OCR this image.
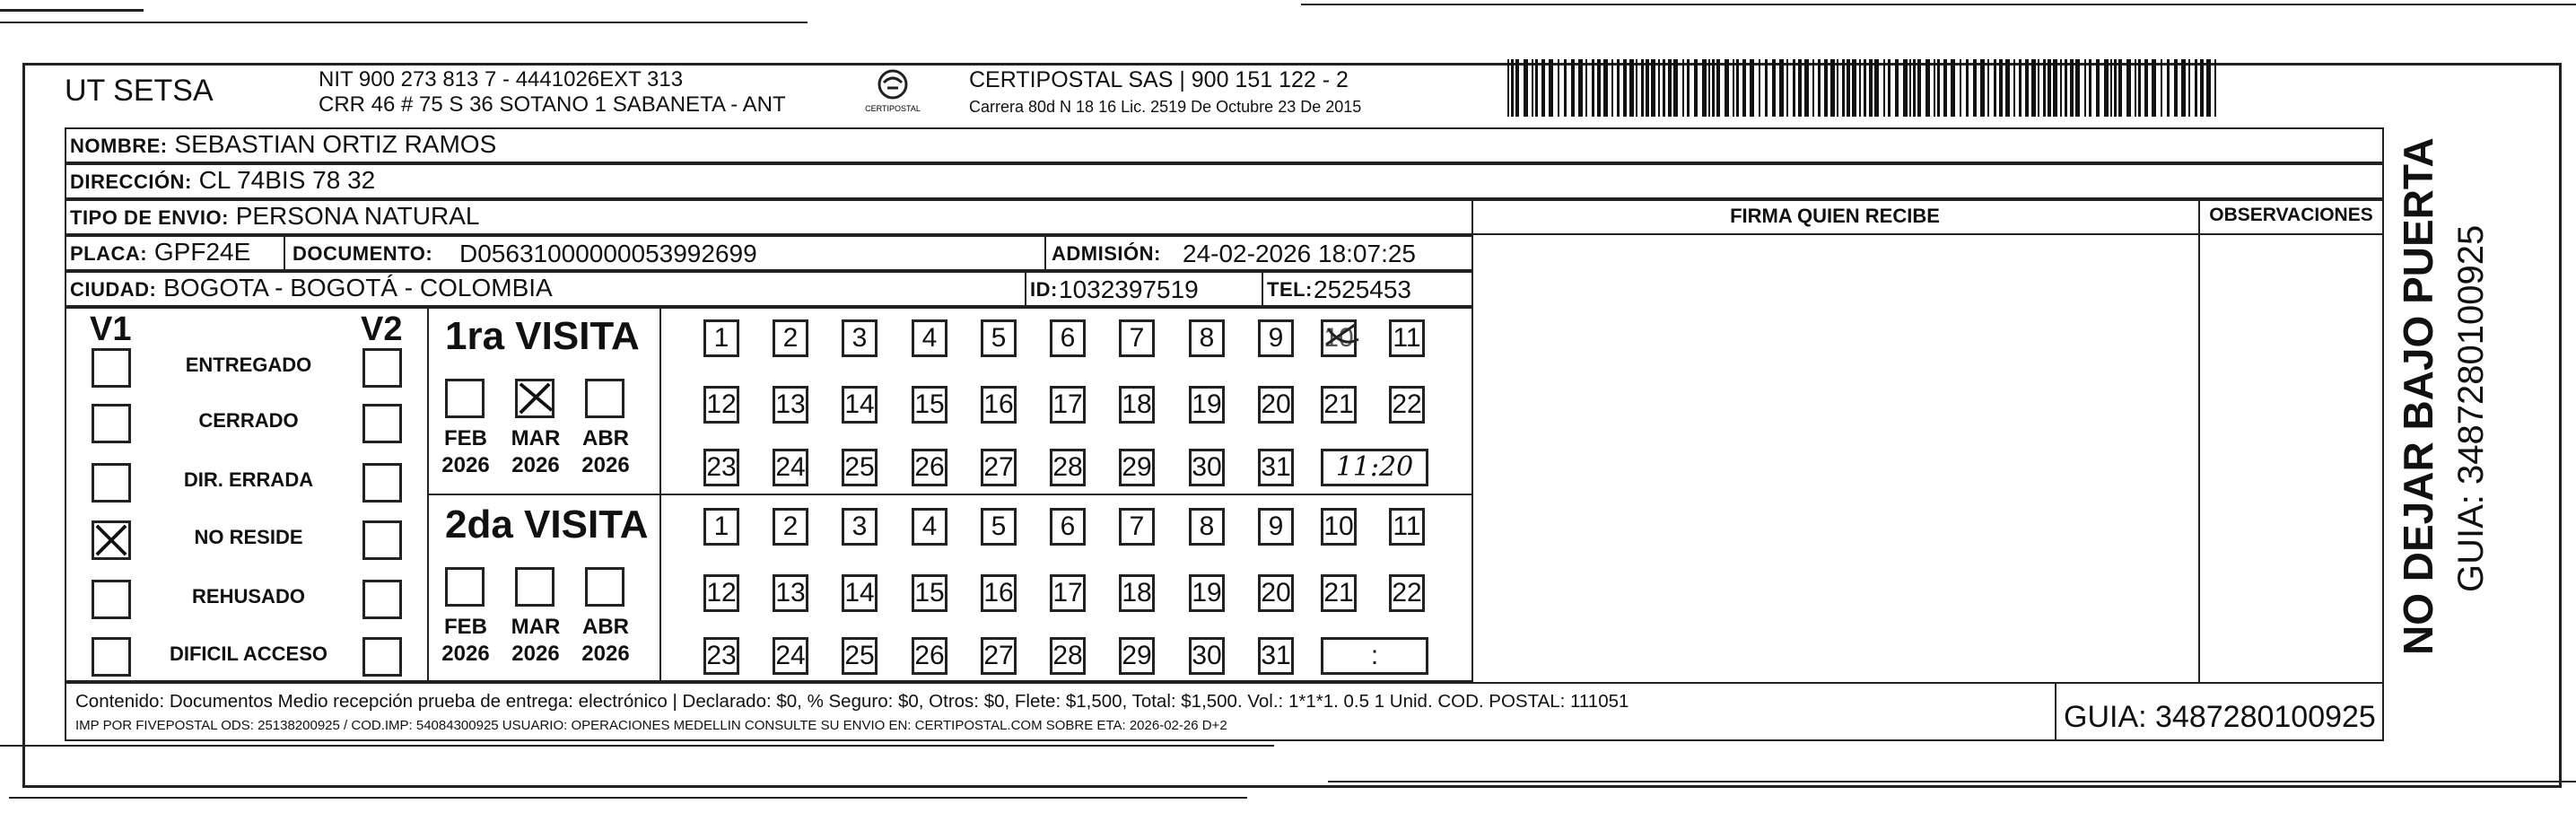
UT SETSA	NIT 900 273 813 7 - 4441026EXT 313
CRR 46 # 75 S 36 SOTANO 1 SABANETA - ANT	CERTIPOSTAL
CERTIPOSTAL SAS | 900 151 122 - 2
Carrera 80d N 18 16 Lic. 2519 De Octubre 23 De 2015
NOMBRE: SEBASTIAN ORTIZ RAMOS
DIRECCIÓN: CL 74BIS 78 32
TIPO DE ENVIO: PERSONA NATURAL	FIRMA QUIEN RECIBE	OBSERVACIONES
PLACA: GPF24E DOCUMENTO: D05631000000053992699	ADMISIÓN: 24-02-2026 18:07:25
CIUDAD: BOGOTA - BOGOTÁ - COLOMBIA	ID: 1032397519	TEL: 2525453
V1	V2
ENTREGADO
CERRADO
DIR. ERRADA
NO RESIDE
REHUSADO
DIFICIL ACCESO
1ra VISITA
2da VISITA
FEB
2026
MAR
2026
ABR
2026
1	2	3	4	5	6	7	8	9	10 11
12 13 14 15 16 17 18 19 20 21 22
23 24 25 26 27 28 29 30 31	11:20
FEB
2026
MAR
2026
ABR
2026
1	2	3	4	5	6	7	8	9	10 11
12 13 14 15 16 17 18 19 20 21 22
23 24 25 26 27 28 29 30 31	:
Contenido: Documentos Medio recepción prueba de entrega: electrónico | Declarado: $0, % Seguro: $0, Otros: $0, Flete: $1,500, Total: $1,500. Vol.: 1*1*1. 0.5 1 Unid. COD. POSTAL: 111051
IMP POR FIVEPOSTAL ODS: 25138200925 / COD.IMP: 54084300925 USUARIO: OPERACIONES MEDELLIN CONSULTE SU ENVIO EN: CERTIPOSTAL.COM SOBRE ETA: 2026-02-26 D+2	GUIA: 3487280100925
NO DEJAR BAJO PUERTA GUIA: 3487280100925
